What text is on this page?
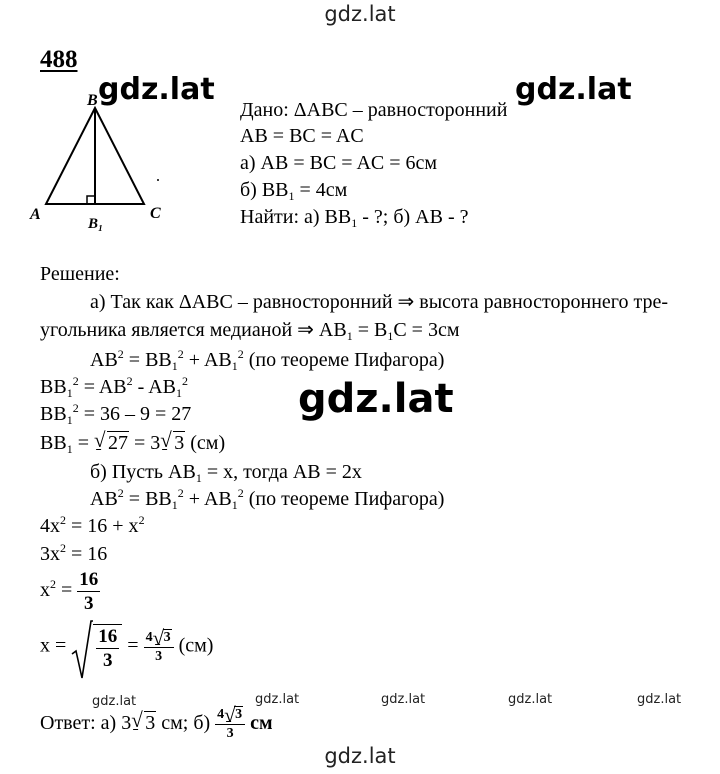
gdz.lat
gdz.lat	gdz.lat
gdz.lat
gdz.lat	gdz.lat	gdz.lat	gdz.lat	gdz.lat
gdz.lat
488
A
B
B₁
C
Дано: ΔABC – равносторонний
AB = BC = AC
а) AB = BC = AC = 6см
б) $BB_1 = 4см$
Найти: а) $BB_1$ - ?; б) AB - ?
Решение:
а) Так как ΔABC – равносторонний ⇒ высота равностороннего тре-
угольника является медианой ⇒ $AB_1 = B_1C = 3см$
$AB^2 = BB_1^2 + AB_1^2$ (по теореме Пифагора)
$BB_1^2 = AB^2 - AB_1^2$
$BB_1^2 = 36 - 9 = 27$
$BB_1 = 27$ √ = 3 3 √ (см)
б) Пусть $AB_1 = x$, тогда AB = 2x
$AB^2 = BB_1^2 + AB_1^2$ (по теореме Пифагора)
$4x^2 = 16 + x^2$
$3x^2 = 16$
$x^2 = \frac{16}{3}$
$x = \frac{16}{3} = \frac{4 3 √}{3} (см)$
Ответ: а) 3 3 √ см; $б) \frac{4 3 √}{3}$ см
